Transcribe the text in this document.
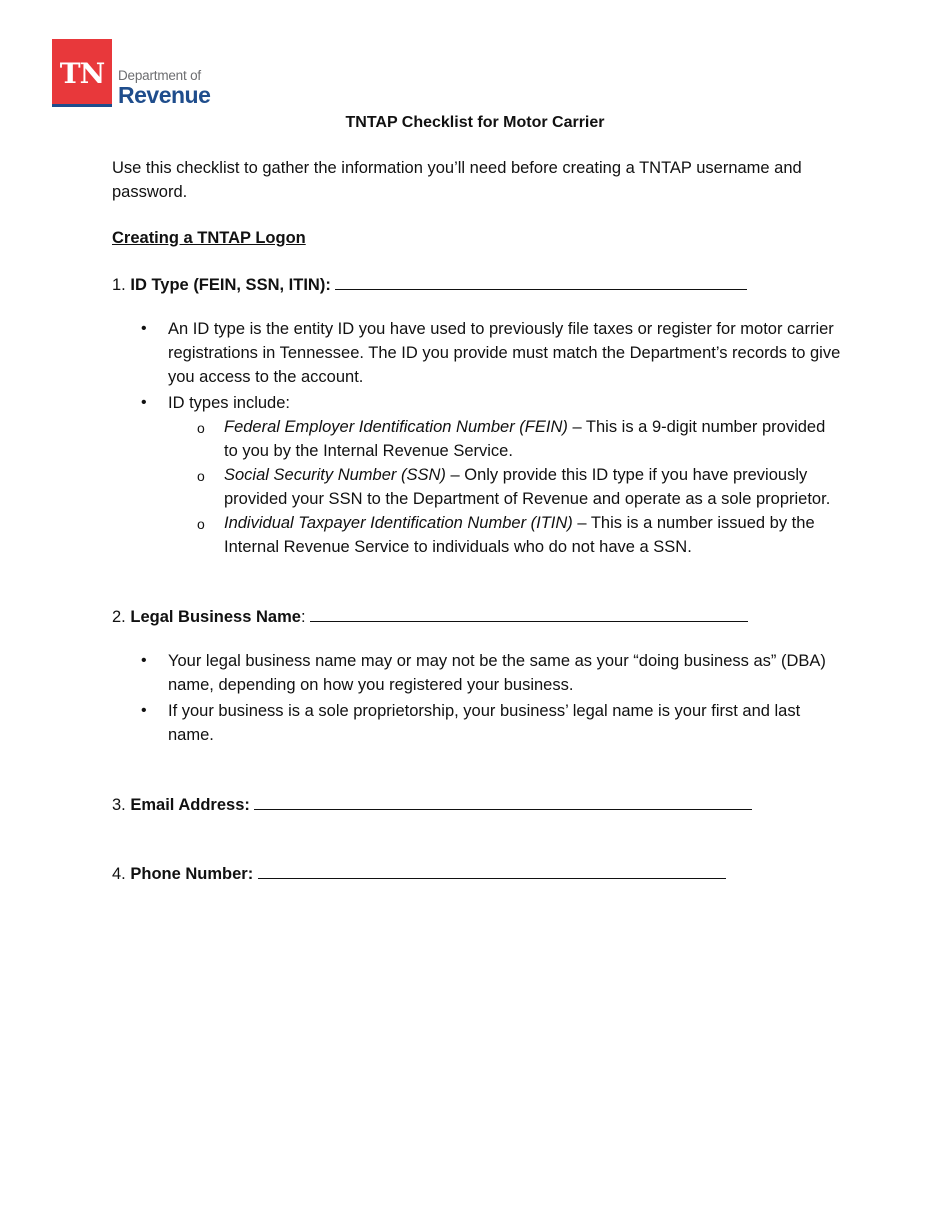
TN	Department of
Revenue
TNTAP Checklist for Motor Carrier

Use this checklist to gather the information you’ll need before creating a TNTAP username and password.

Creating a TNTAP Logon
1. ID Type (FEIN, SSN, ITIN):
• An ID type is the entity ID you have used to previously file taxes or register for motor carrier registrations in Tennessee. The ID you provide must match the Department’s records to give you access to the account.
• ID types include:
o Federal Employer Identification Number (FEIN) – This is a 9-digit number provided to you by the Internal Revenue Service.
o Social Security Number (SSN) – Only provide this ID type if you have previously provided your SSN to the Department of Revenue and operate as a sole proprietor.
o Individual Taxpayer Identification Number (ITIN) – This is a number issued by the Internal Revenue Service to individuals who do not have a SSN.
2. Legal Business Name:
• Your legal business name may or may not be the same as your “doing business as” (DBA) name, depending on how you registered your business.
• If your business is a sole proprietorship, your business’ legal name is your first and last name.
3. Email Address:
4. Phone Number:
